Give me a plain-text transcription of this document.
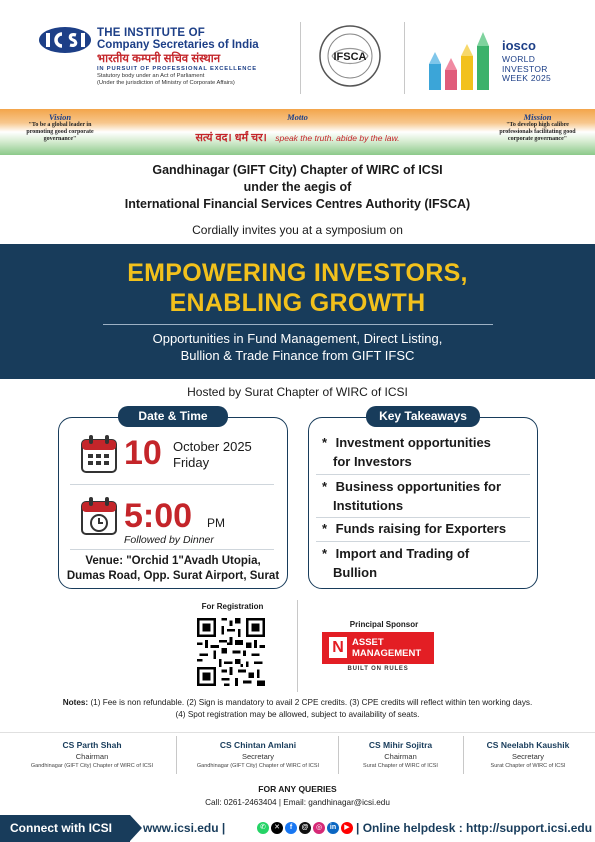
THE INSTITUTE OF
Company Secretaries of India
भारतीय कम्पनी सचिव संस्थान
IN PURSUIT OF PROFESSIONAL EXCELLENCE
Statutory body under an Act of Parliament
(Under the jurisdiction of Ministry of Corporate Affairs)
IFSCA
iosco
WORLD
INVESTOR
WEEK 2025
Vision
"To be a global leader in promoting good corporate governance"
Motto
सत्यं वद। धर्मं चर। speak the truth. abide by the law.
Mission
"To develop high calibre professionals facilitating good corporate governance"
Gandhinagar (GIFT City) Chapter of WIRC of ICSI
under the aegis of
International Financial Services Centres Authority (IFSCA)
Cordially invites you at a symposium on
EMPOWERING INVESTORS,
ENABLING GROWTH
Opportunities in Fund Management, Direct Listing,
Bullion & Trade Finance from GIFT IFSC
Hosted by Surat Chapter of WIRC of ICSI
Date & Time
10 October 2025
Friday
5:00 PM
Followed by Dinner
Venue: "Orchid 1"Avadh Utopia,
Dumas Road, Opp. Surat Airport, Surat
Key Takeaways
* Investment opportunities
for Investors
* Business opportunities for
Institutions
* Funds raising for Exporters
* Import and Trading of
Bullion
For Registration
Principal Sponsor
N ASSET
MANAGEMENT
BUILT ON RULES
Notes: (1) Fee is non refundable. (2) Sign is mandatory to avail 2 CPE credits. (3) CPE credits will reflect within ten working days.
(4) Spot registration may be allowed, subject to availability of seats.
CS Parth Shah
Chairman
Gandhinagar (GIFT City) Chapter of WIRC of ICSI
CS Chintan Amlani
Secretary
Gandhinagar (GIFT City) Chapter of WIRC of ICSI
CS Mihir Sojitra
Chairman
Surat Chapter of WIRC of ICSI
CS Neelabh Kaushik
Secretary
Surat Chapter of WIRC of ICSI
FOR ANY QUERIES
Call: 0261-2463404 | Email: gandhinagar@icsi.edu
Connect with ICSI	www.icsi.edu |	✆ ✕ f @ ◎ in ▶ | Online helpdesk : http://support.icsi.edu
